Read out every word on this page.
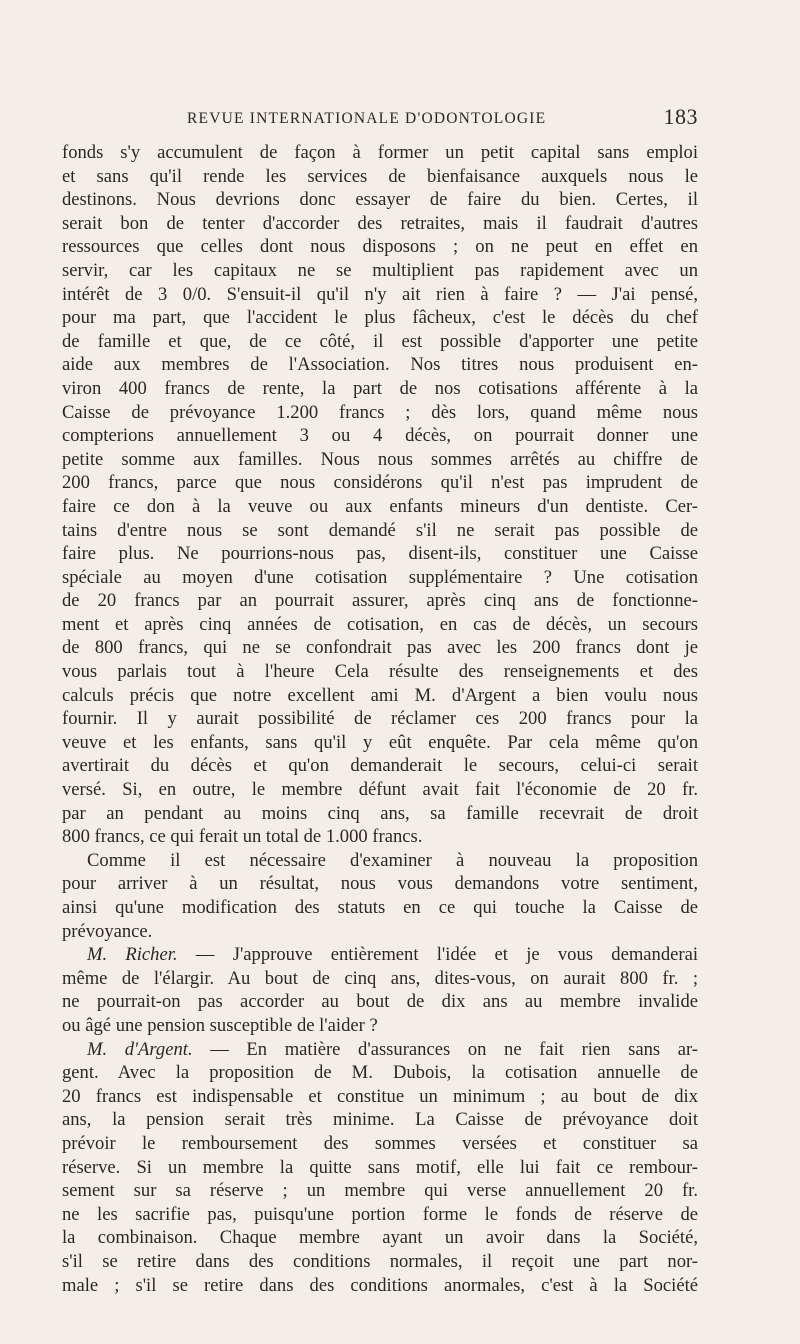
REVUE INTERNATIONALE D'ODONTOLOGIE	183
fonds s'y accumulent de façon à former un petit capital sans emploi
et sans qu'il rende les services de bienfaisance auxquels nous le
destinons. Nous devrions donc essayer de faire du bien. Certes, il
serait bon de tenter d'accorder des retraites, mais il faudrait d'autres
ressources que celles dont nous disposons ; on ne peut en effet en
servir, car les capitaux ne se multiplient pas rapidement avec un
intérêt de 3 0/0. S'ensuit-il qu'il n'y ait rien à faire ? — J'ai pensé,
pour ma part, que l'accident le plus fâcheux, c'est le décès du chef
de famille et que, de ce côté, il est possible d'apporter une petite
aide aux membres de l'Association. Nos titres nous produisent en-
viron 400 francs de rente, la part de nos cotisations afférente à la
Caisse de prévoyance 1.200 francs ; dès lors, quand même nous
compterions annuellement 3 ou 4 décès, on pourrait donner une
petite somme aux familles. Nous nous sommes arrêtés au chiffre de
200 francs, parce que nous considérons qu'il n'est pas imprudent de
faire ce don à la veuve ou aux enfants mineurs d'un dentiste. Cer-
tains d'entre nous se sont demandé s'il ne serait pas possible de
faire plus. Ne pourrions-nous pas, disent-ils, constituer une Caisse
spéciale au moyen d'une cotisation supplémentaire ? Une cotisation
de 20 francs par an pourrait assurer, après cinq ans de fonctionne-
ment et après cinq années de cotisation, en cas de décès, un secours
de 800 francs, qui ne se confondrait pas avec les 200 francs dont je
vous parlais tout à l'heure Cela résulte des renseignements et des
calculs précis que notre excellent ami M. d'Argent a bien voulu nous
fournir. Il y aurait possibilité de réclamer ces 200 francs pour la
veuve et les enfants, sans qu'il y eût enquête. Par cela même qu'on
avertirait du décès et qu'on demanderait le secours, celui-ci serait
versé. Si, en outre, le membre défunt avait fait l'économie de 20 fr.
par an pendant au moins cinq ans, sa famille recevrait de droit
800 francs, ce qui ferait un total de 1.000 francs.
Comme il est nécessaire d'examiner à nouveau la proposition
pour arriver à un résultat, nous vous demandons votre sentiment,
ainsi qu'une modification des statuts en ce qui touche la Caisse de
prévoyance.
M. Richer. — J'approuve entièrement l'idée et je vous demanderai
même de l'élargir. Au bout de cinq ans, dites-vous, on aurait 800 fr. ;
ne pourrait-on pas accorder au bout de dix ans au membre invalide
ou âgé une pension susceptible de l'aider ?
M. d'Argent. — En matière d'assurances on ne fait rien sans ar-
gent. Avec la proposition de M. Dubois, la cotisation annuelle de
20 francs est indispensable et constitue un minimum ; au bout de dix
ans, la pension serait très minime. La Caisse de prévoyance doit
prévoir le remboursement des sommes versées et constituer sa
réserve. Si un membre la quitte sans motif, elle lui fait ce rembour-
sement sur sa réserve ; un membre qui verse annuellement 20 fr.
ne les sacrifie pas, puisqu'une portion forme le fonds de réserve de
la combinaison. Chaque membre ayant un avoir dans la Société,
s'il se retire dans des conditions normales, il reçoit une part nor-
male ; s'il se retire dans des conditions anormales, c'est à la Société
